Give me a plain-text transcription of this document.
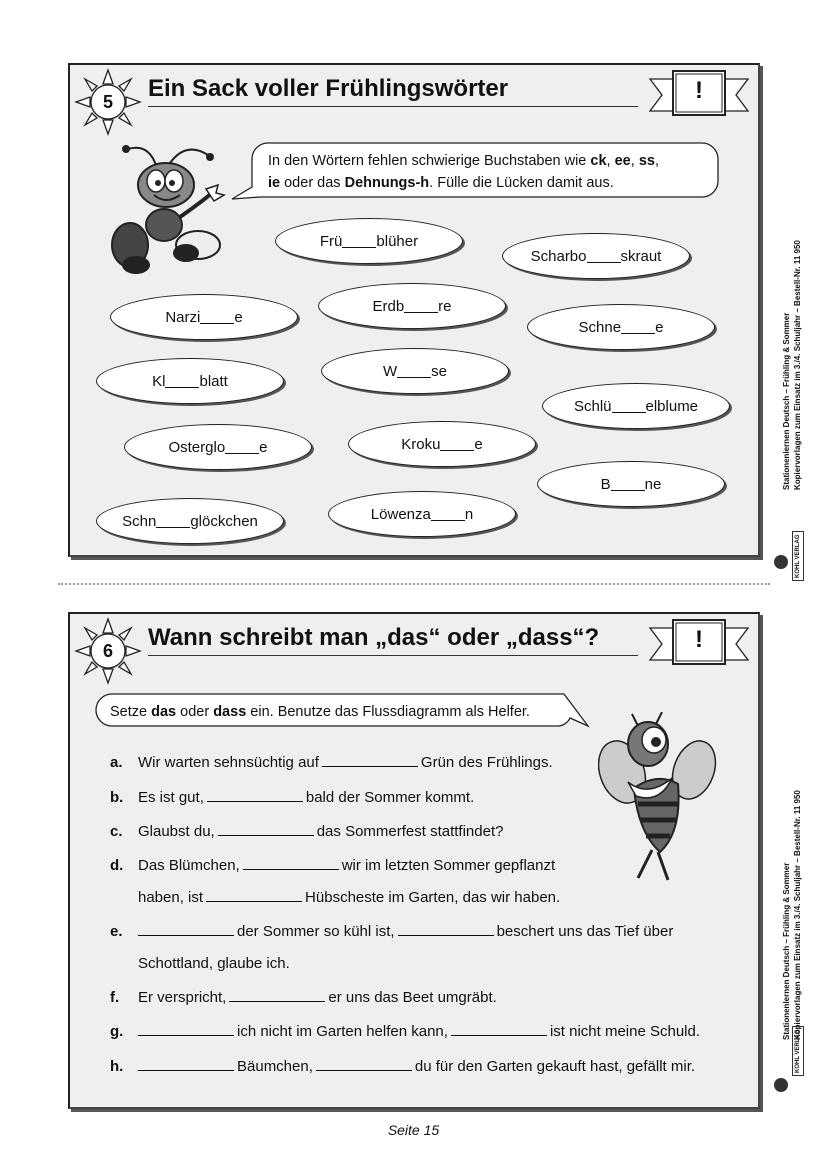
5	Ein Sack voller Frühlingswörter	!
In den Wörtern fehlen schwierige Buchstaben wie ck, ee, ss,
ie oder das Dehnungs-h. Fülle die Lücken damit aus.
Frü blüher
Scharbo skraut
Narzi e
Erdb re
Schne e
Kl blatt
W se
Schlü elblume
Osterglo e	Kroku e
B ne
Schn glöckchen	Löwenza n
6	Wann schreibt man „das“ oder „dass“?	!
Setze das oder dass ein. Benutze das Flussdiagramm als Helfer.
a. Wir warten sehnsüchtig auf	Grün des Frühlings.
b. Es ist gut,	bald der Sommer kommt.
c. Glaubst du,	das Sommerfest stattfindet?
d. Das Blümchen,	wir im letzten Sommer gepflanzt
haben, ist	Hübscheste im Garten, das wir haben.
e.	der Sommer so kühl ist,	beschert uns das Tief über
Schottland, glaube ich.
f. Er verspricht,	er uns das Beet umgräbt.
g.	ich nicht im Garten helfen kann,	ist nicht meine Schuld.
h.	Bäumchen,	du für den Garten gekauft hast, gefällt mir.
Stationenlernen Deutsch – Frühling & Sommer Kopiervorlagen zum Einsatz im 3./4. Schuljahr – Bestell-Nr. 11 950
KOHL VERLAG
Stationenlernen Deutsch – Frühling & Sommer Kopiervorlagen zum Einsatz im 3./4. Schuljahr – Bestell-Nr. 11 950
KOHL VERLAG
Seite 15
